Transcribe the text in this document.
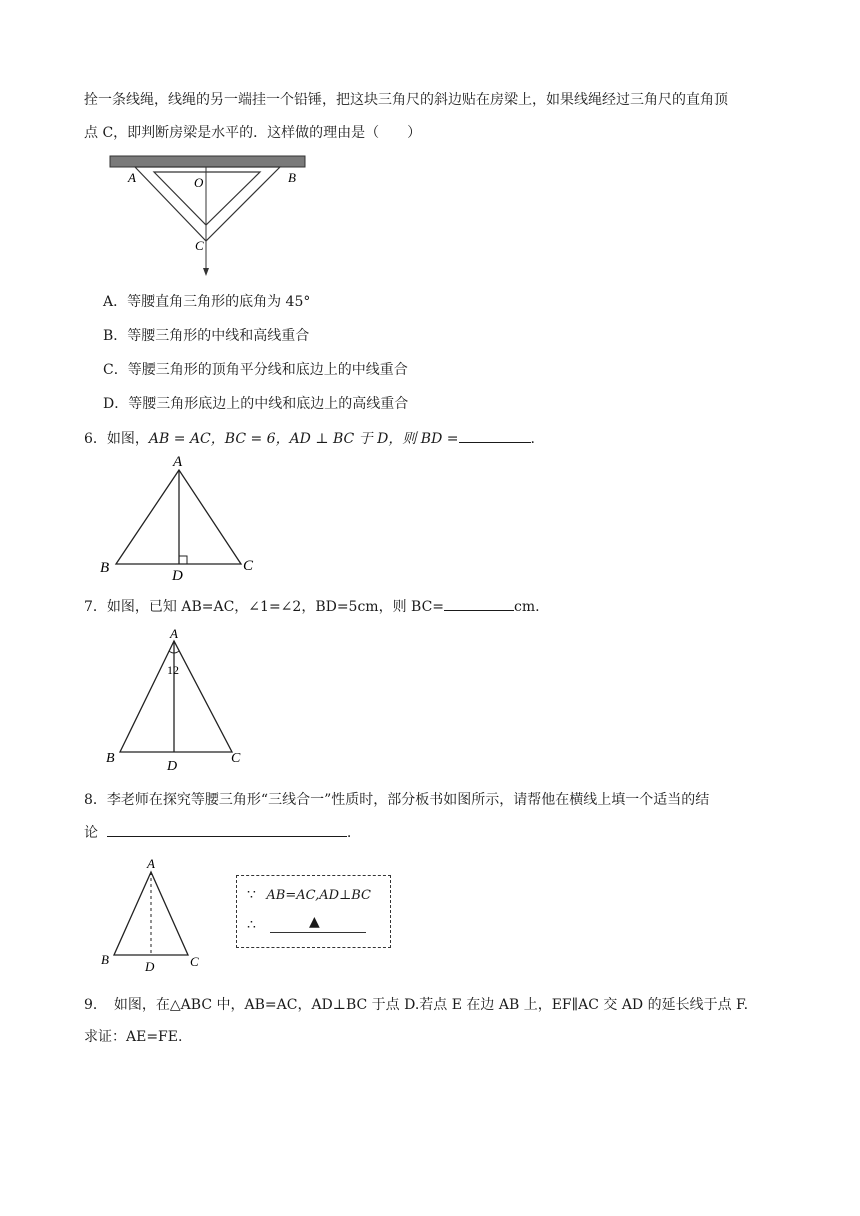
拴一条线绳，线绳的另一端挂一个铅锤，把这块三角尺的斜边贴在房梁上，如果线绳经过三角尺的直角顶
点 C，即判断房梁是水平的．这样做的理由是（　　）
A	O	B
C
A．等腰直角三角形的底角为 45°
B．等腰三角形的中线和高线重合
C．等腰三角形的顶角平分线和底边上的中线重合
D．等腰三角形底边上的中线和底边上的高线重合
6．如图，AB = AC，BC = 6，AD ⊥ BC 于 D，则 BD =	.
A
B	C
D
7．如图，已知 AB=AC，∠1=∠2，BD=5cm，则 BC=	cm.
A
12
B	C
D
8．李老师在探究等腰三角形“三线合一”性质时，部分板书如图所示，请帮他在横线上填一个适当的结
论	.
A
B	C
D
∵ AB=AC,AD⊥BC
∴	▲
9．　如图，在△ABC 中，AB=AC，AD⊥BC 于点 D.若点 E 在边 AB 上，EF∥AC 交 AD 的延长线于点 F.
求证：AE=FE.
